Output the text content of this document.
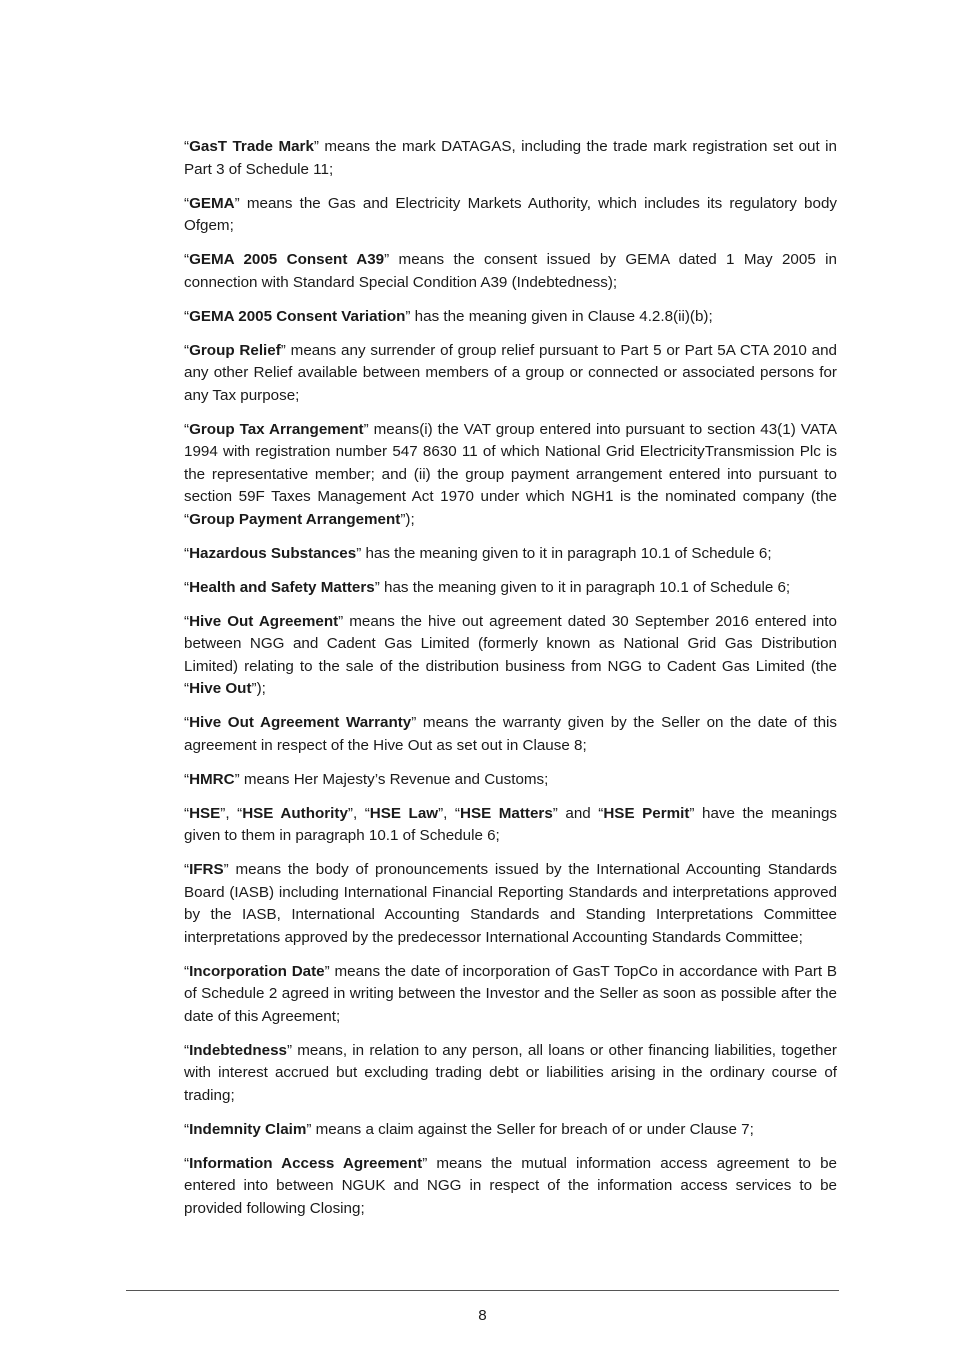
“GasT Trade Mark” means the mark DATAGAS, including the trade mark registration set out in Part 3 of Schedule 11;

“GEMA” means the Gas and Electricity Markets Authority, which includes its regulatory body Ofgem;

“GEMA 2005 Consent A39” means the consent issued by GEMA dated 1 May 2005 in connection with Standard Special Condition A39 (Indebtedness);

“GEMA 2005 Consent Variation” has the meaning given in Clause 4.2.8(ii)(b);

“Group Relief” means any surrender of group relief pursuant to Part 5 or Part 5A CTA 2010 and any other Relief available between members of a group or connected or associated persons for any Tax purpose;

“Group Tax Arrangement” means(i) the VAT group entered into pursuant to section 43(1) VATA 1994 with registration number 547 8630 11 of which National Grid ElectricityTransmission Plc is the representative member; and (ii) the group payment arrangement entered into pursuant to section 59F Taxes Management Act 1970 under which NGH1 is the nominated company (the “Group Payment Arrangement”);

“Hazardous Substances” has the meaning given to it in paragraph 10.1 of Schedule 6;

“Health and Safety Matters” has the meaning given to it in paragraph 10.1 of Schedule 6;

“Hive Out Agreement” means the hive out agreement dated 30 September 2016 entered into between NGG and Cadent Gas Limited (formerly known as National Grid Gas Distribution Limited) relating to the sale of the distribution business from NGG to Cadent Gas Limited (the “Hive Out”);

“Hive Out Agreement Warranty” means the warranty given by the Seller on the date of this agreement in respect of the Hive Out as set out in Clause 8;

“HMRC” means Her Majesty’s Revenue and Customs;

“HSE”, “HSE Authority”, “HSE Law”, “HSE Matters” and “HSE Permit” have the meanings given to them in paragraph 10.1 of Schedule 6;

“IFRS” means the body of pronouncements issued by the International Accounting Standards Board (IASB) including International Financial Reporting Standards and interpretations approved by the IASB, International Accounting Standards and Standing Interpretations Committee interpretations approved by the predecessor International Accounting Standards Committee;

“Incorporation Date” means the date of incorporation of GasT TopCo in accordance with Part B of Schedule 2 agreed in writing between the Investor and the Seller as soon as possible after the date of this Agreement;

“Indebtedness” means, in relation to any person, all loans or other financing liabilities, together with interest accrued but excluding trading debt or liabilities arising in the ordinary course of trading;

“Indemnity Claim” means a claim against the Seller for breach of or under Clause 7;

“Information Access Agreement” means the mutual information access agreement to be entered into between NGUK and NGG in respect of the information access services to be provided following Closing;

8
